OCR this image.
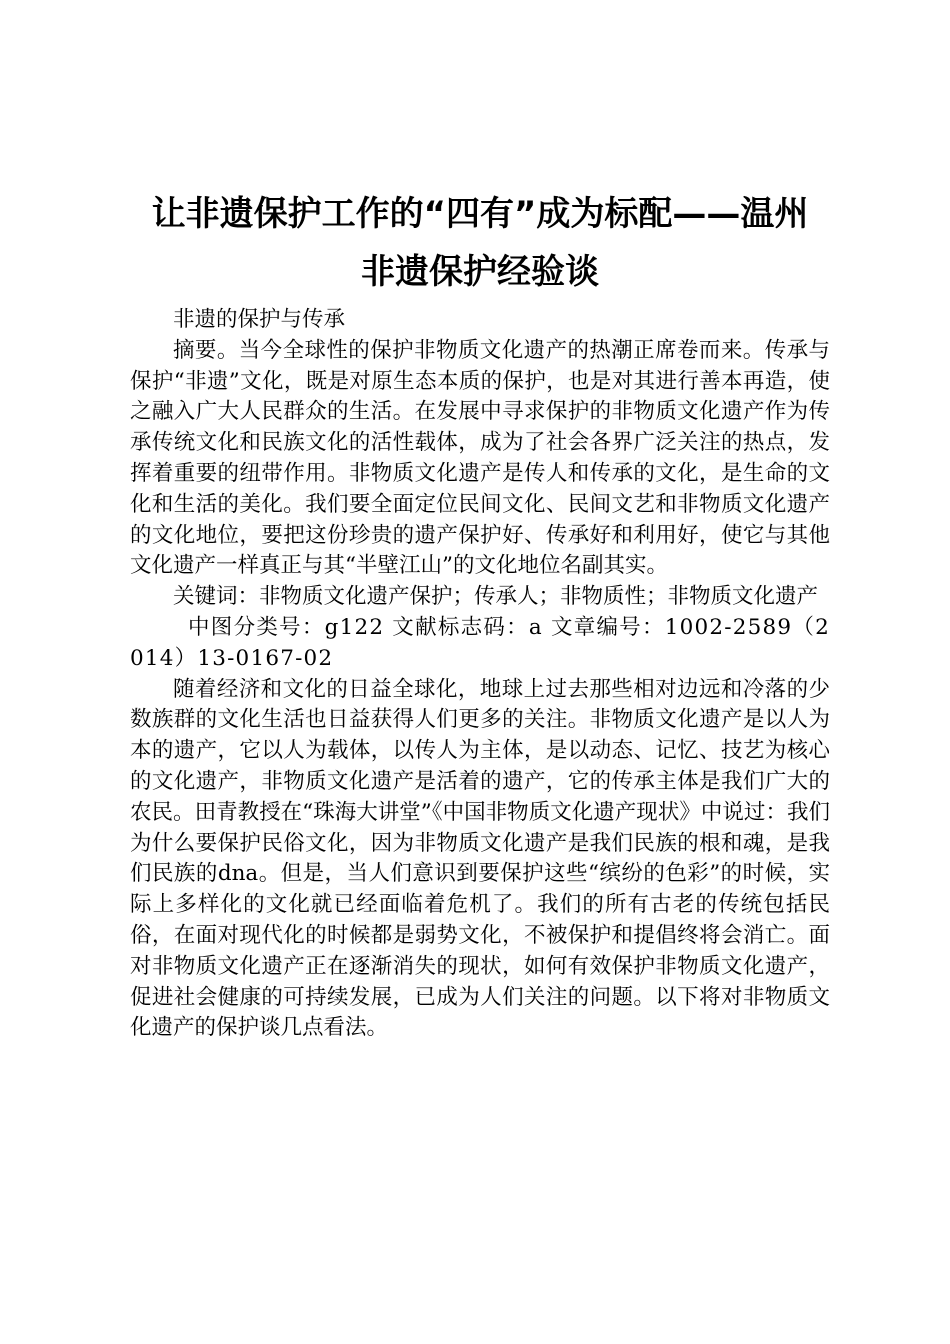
让非遗保护工作的“四有”成为标配——温州
非遗保护经验谈

非遗的保护与传承

摘要。当今全球性的保护非物质文化遗产的热潮正席卷而来。传承与保护“非遗”文化，既是对原生态本质的保护，也是对其进行善本再造，使之融入广大人民群众的生活。在发展中寻求保护的非物质文化遗产作为传承传统文化和民族文化的活性载体，成为了社会各界广泛关注的热点，发挥着重要的纽带作用。非物质文化遗产是传人和传承的文化，是生命的文化和生活的美化。我们要全面定位民间文化、民间文艺和非物质文化遗产的文化地位，要把这份珍贵的遗产保护好、传承好和利用好，使它与其他文化遗产一样真正与其“半壁江山”的文化地位名副其实。

关键词：非物质文化遗产保护；传承人；非物质性；非物质文化遗产

中图分类号：g122 文献标志码：a 文章编号：1002-2589（2014）13-0167-02

随着经济和文化的日益全球化，地球上过去那些相对边远和冷落的少数族群的文化生活也日益获得人们更多的关注。非物质文化遗产是以人为本的遗产，它以人为载体，以传人为主体，是以动态、记忆、技艺为核心的文化遗产，非物质文化遗产是活着的遗产，它的传承主体是我们广大的农民。田青教授在“珠海大讲堂”《中国非物质文化遗产现状》中说过：我们为什么要保护民俗文化，因为非物质文化遗产是我们民族的根和魂，是我们民族的dna。但是，当人们意识到要保护这些“缤纷的色彩”的时候，实际上多样化的文化就已经面临着危机了。我们的所有古老的传统包括民俗，在面对现代化的时候都是弱势文化，不被保护和提倡终将会消亡。面对非物质文化遗产正在逐渐消失的现状，如何有效保护非物质文化遗产，促进社会健康的可持续发展，已成为人们关注的问题。以下将对非物质文化遗产的保护谈几点看法。
